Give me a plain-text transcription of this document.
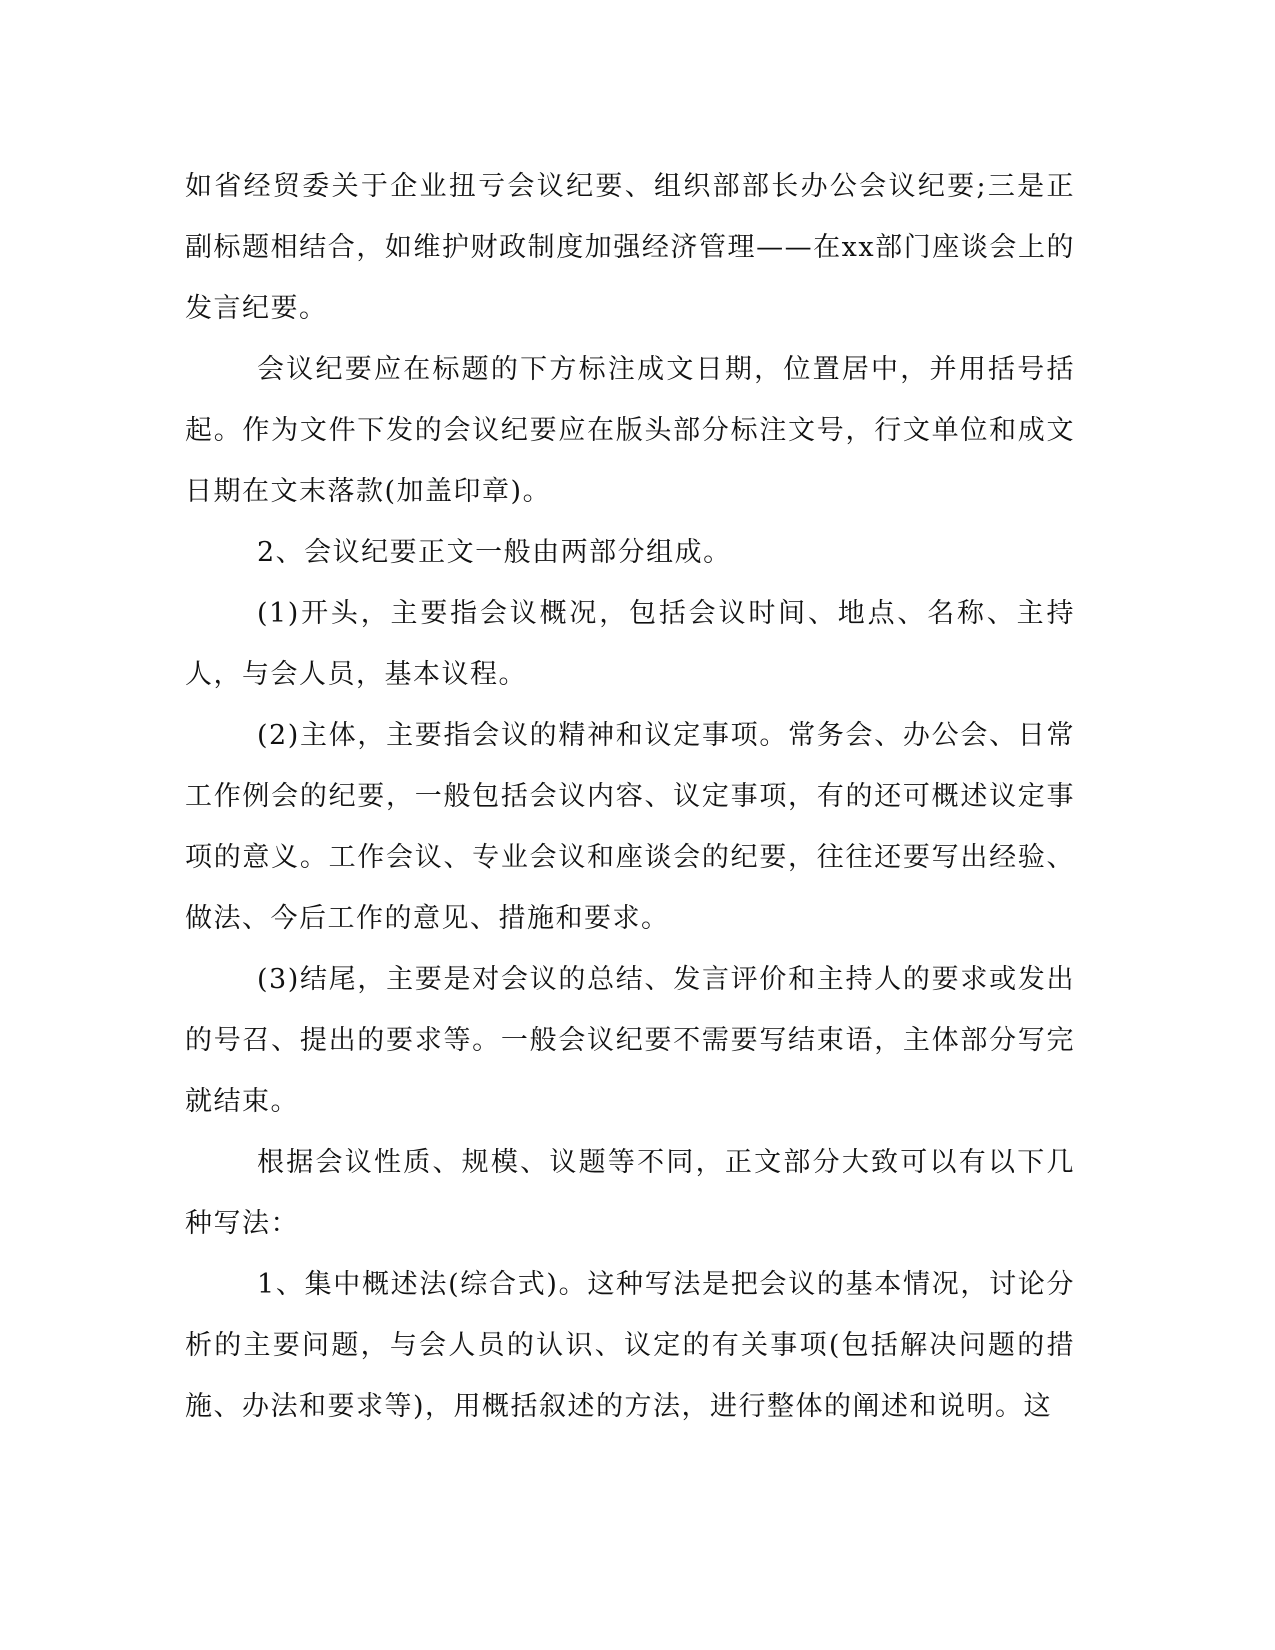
如省经贸委关于企业扭亏会议纪要、组织部部长办公会议纪要;三是正副标题相结合，如维护财政制度加强经济管理——在xx部门座谈会上的发言纪要。

会议纪要应在标题的下方标注成文日期，位置居中，并用括号括起。作为文件下发的会议纪要应在版头部分标注文号，行文单位和成文日期在文末落款(加盖印章)。

2、会议纪要正文一般由两部分组成。

(1)开头，主要指会议概况，包括会议时间、地点、名称、主持人，与会人员，基本议程。

(2)主体，主要指会议的精神和议定事项。常务会、办公会、日常工作例会的纪要，一般包括会议内容、议定事项，有的还可概述议定事项的意义。工作会议、专业会议和座谈会的纪要，往往还要写出经验、做法、今后工作的意见、措施和要求。

(3)结尾，主要是对会议的总结、发言评价和主持人的要求或发出的号召、提出的要求等。一般会议纪要不需要写结束语，主体部分写完就结束。

根据会议性质、规模、议题等不同，正文部分大致可以有以下几种写法：

1、集中概述法(综合式)。这种写法是把会议的基本情况，讨论分析的主要问题，与会人员的认识、议定的有关事项(包括解决问题的措施、办法和要求等)，用概括叙述的方法，进行整体的阐述和说明。这
